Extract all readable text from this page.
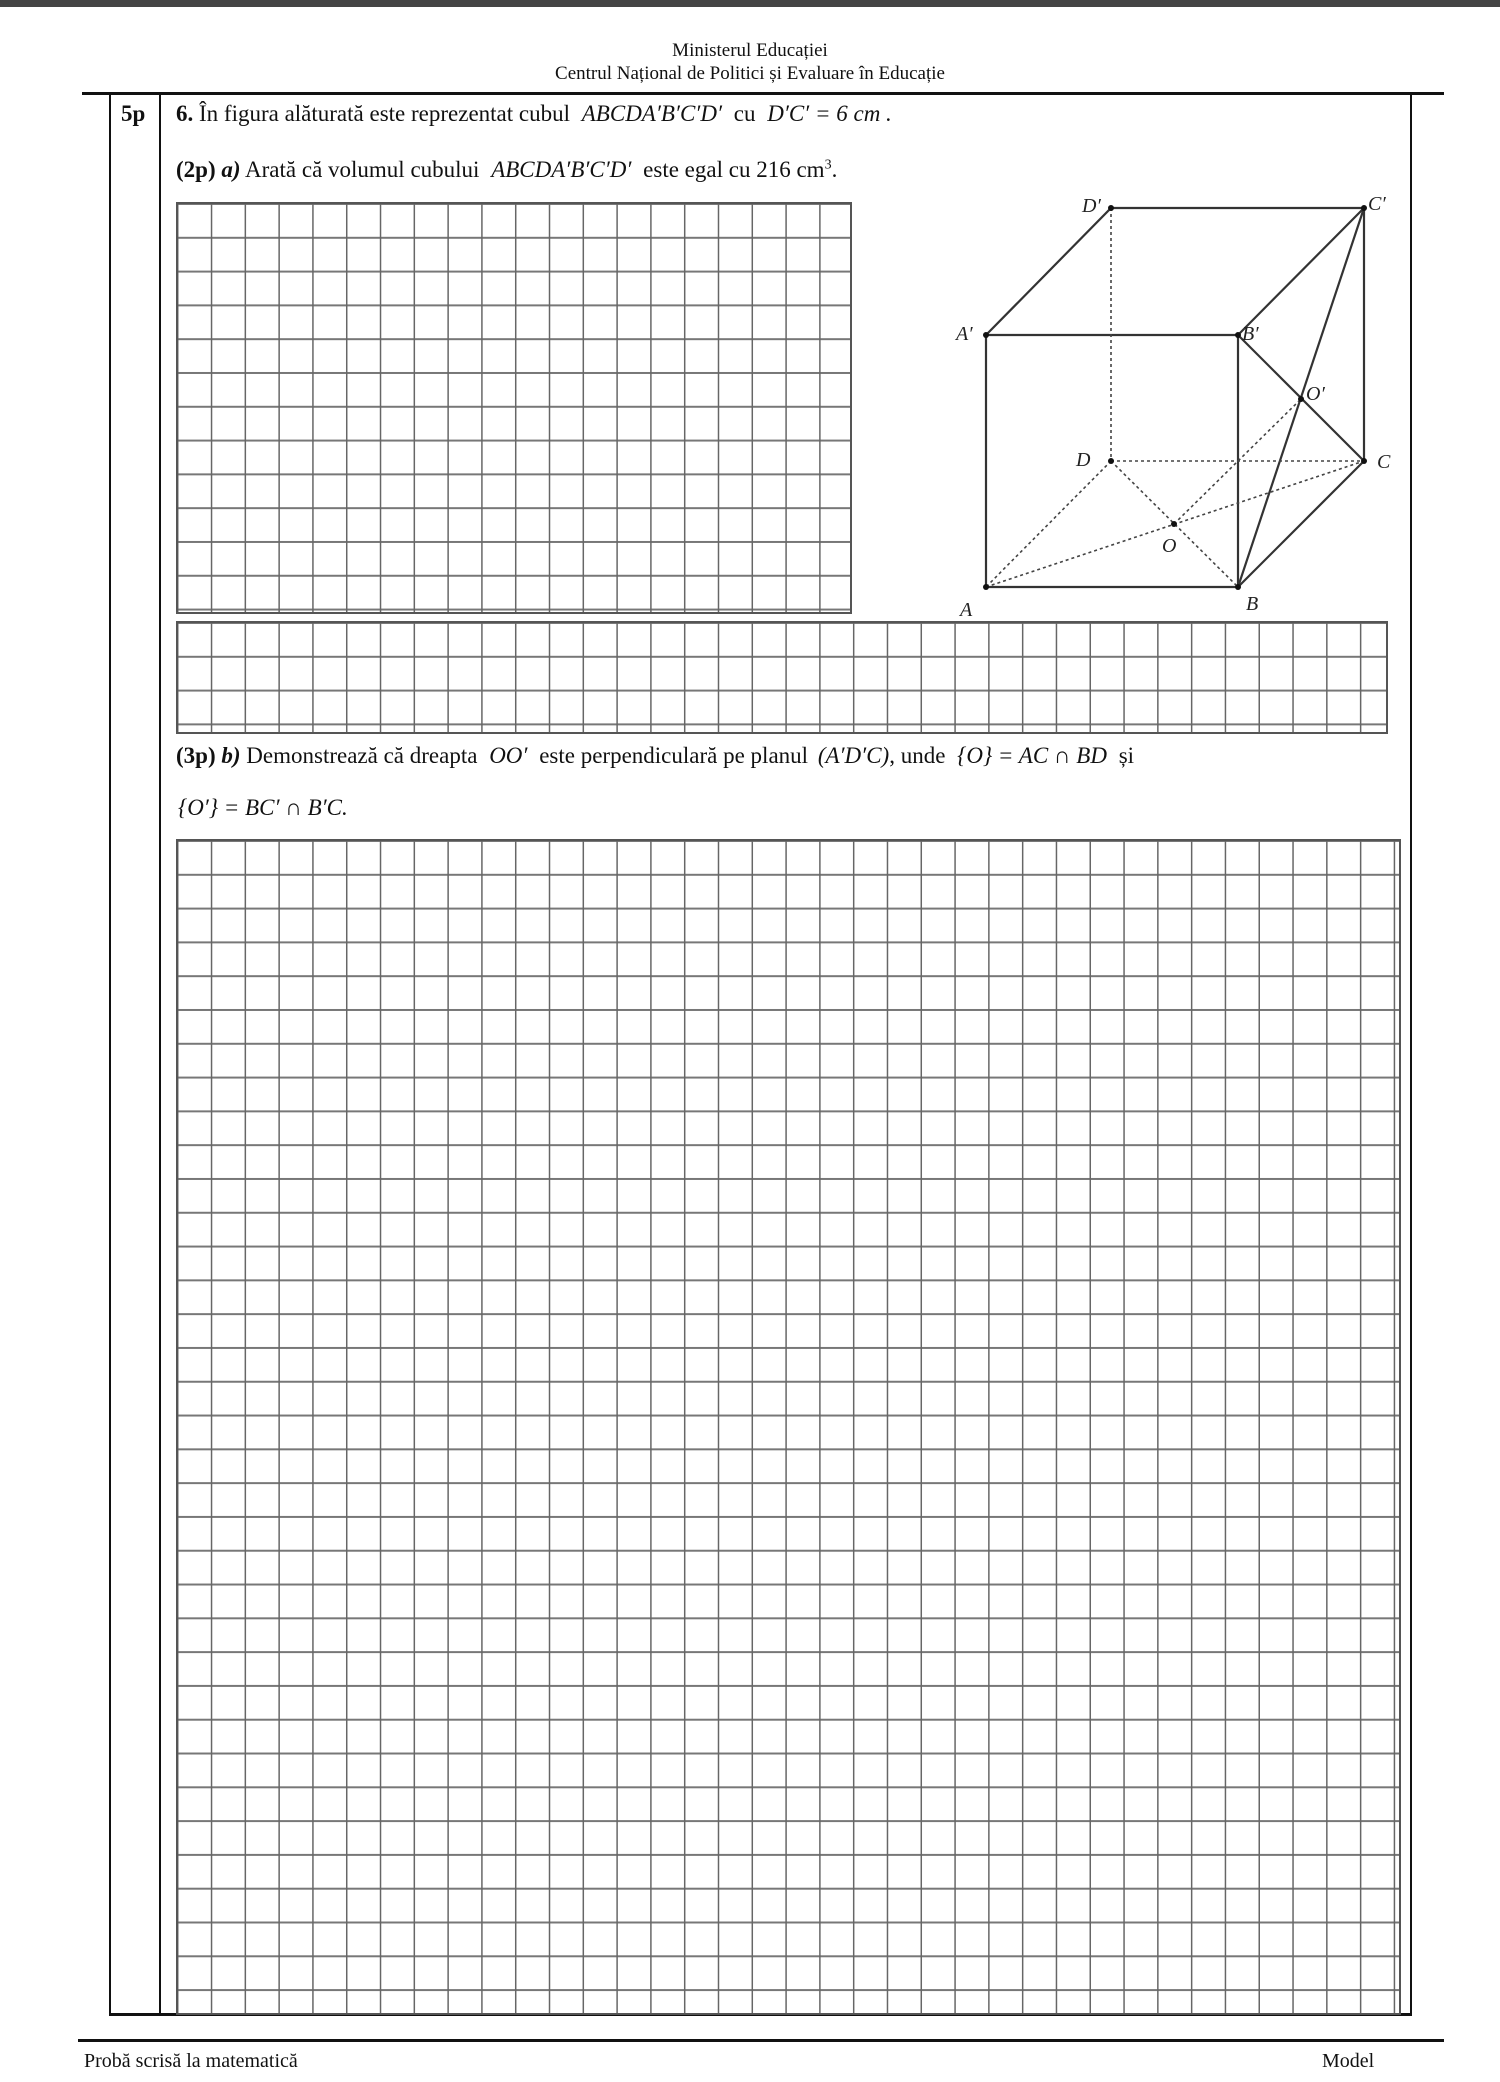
Ministerul Educației
Centrul Național de Politici și Evaluare în Educație
5p 6. În figura alăturată este reprezentat cubul ABCDA′B′C′D′ cu D′C′ = 6 cm .
(2p) a) Arată că volumul cubului ABCDA′B′C′D′ este egal cu 216 $cm^3$.
A	B
C
D
A′	B′
C′
D′
O
O′
(3p) b) Demonstrează că dreapta OO′ este perpendiculară pe planul (A′D′C), unde {O} = AC ∩ BD și
{O′} = BC′ ∩ B′C.
Probă scrisă la matematică	Model
